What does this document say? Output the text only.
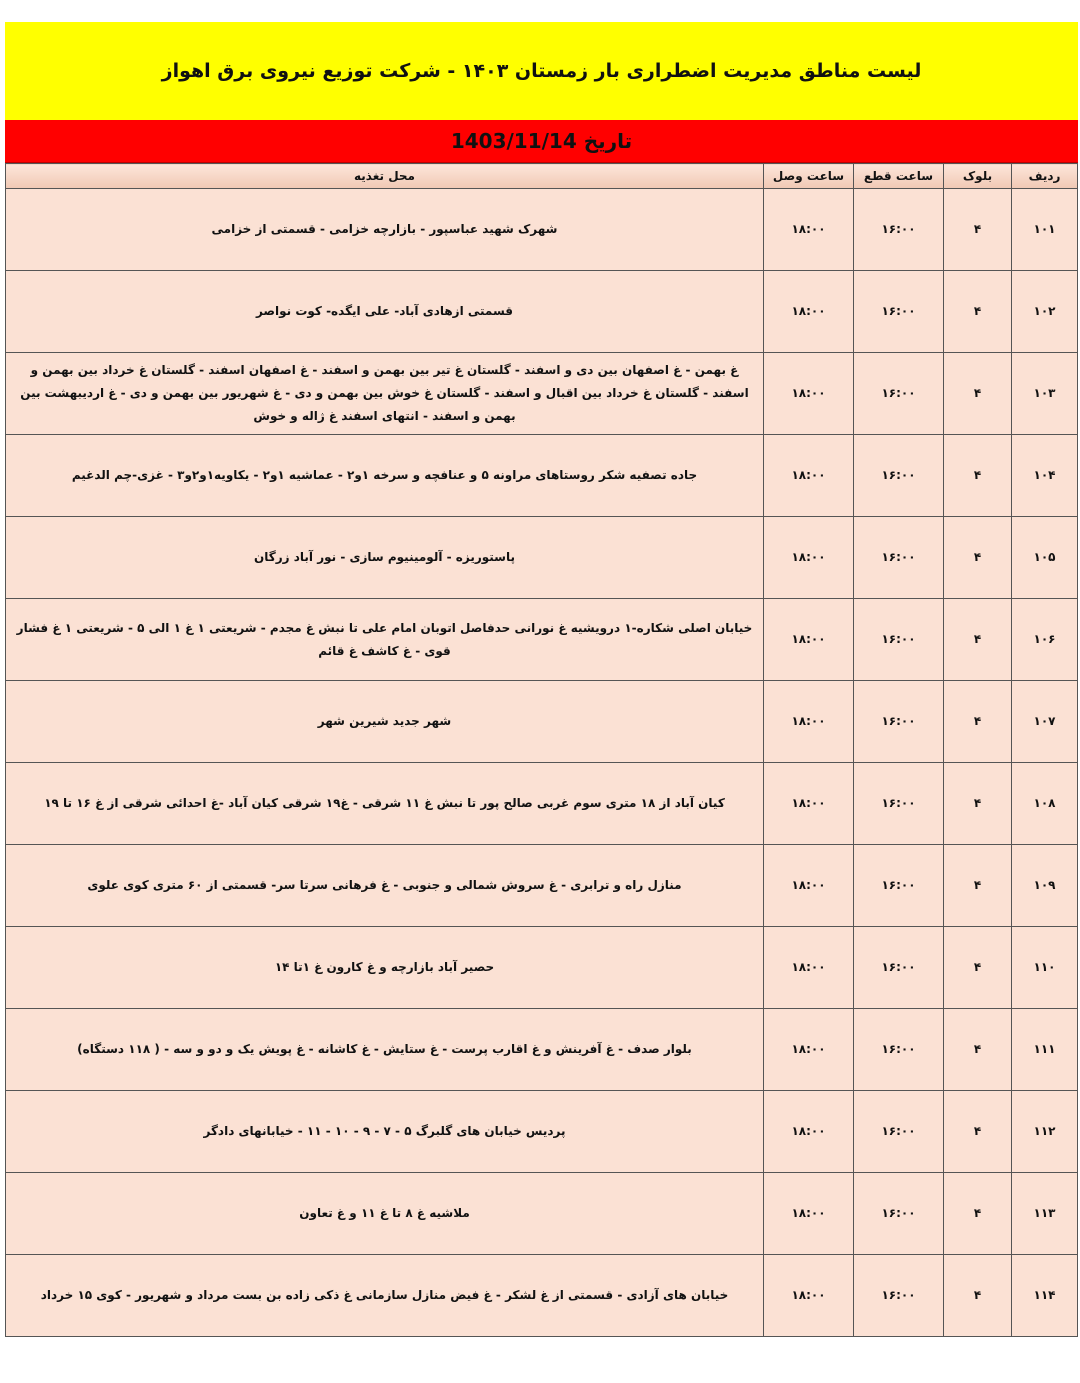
لیست مناطق مدیریت اضطراری بار زمستان ۱۴۰۳ - شرکت توزیع نیروی برق اهواز
تاریخ 1403/11/14
ردیف	بلوک	ساعت قطع	ساعت وصل	محل تغذیه
۱۰۱	۴	۱۶:۰۰	۱۸:۰۰	شهرک شهید عباسپور - بازارچه خزامی - قسمتی از خزامی
۱۰۲	۴	۱۶:۰۰	۱۸:۰۰	قسمتی ازهادی آباد- علی ایگده- کوت نواصر
۱۰۳	۴	۱۶:۰۰	۱۸:۰۰	غ بهمن - غ اصفهان بین دی و اسفند - گلستان غ تیر بین بهمن و اسفند - غ اصفهان اسفند - گلستان غ خرداد بین بهمن و اسفند - گلستان غ خرداد بین اقبال و اسفند - گلستان غ خوش بین بهمن و دی - غ شهریور بین بهمن و دی - غ اردیبهشت بین بهمن و اسفند - انتهای اسفند غ ژاله و خوش
۱۰۴	۴	۱۶:۰۰	۱۸:۰۰	جاده تصفیه شکر روستاهای مراونه ۵ و عنافچه و سرخه ۱و۲ - عماشیه ۱و۲ - یکاویه۱و۲و۳ - غزی-چم الدغیم
۱۰۵	۴	۱۶:۰۰	۱۸:۰۰	پاستوریزه - آلومینیوم سازی - نور آباد زرگان
۱۰۶	۴	۱۶:۰۰	۱۸:۰۰	خیابان اصلی شکاره-۱ درویشیه غ نورانی حدفاصل اتوبان امام علی تا نبش غ مجدم - شریعتی ۱ غ ۱ الی ۵ - شریعتی ۱ غ فشار قوی - غ کاشف غ قائم
۱۰۷	۴	۱۶:۰۰	۱۸:۰۰	شهر جدید شیرین شهر
۱۰۸	۴	۱۶:۰۰	۱۸:۰۰	کیان آباد از ۱۸ متری سوم غربی صالح پور تا نبش غ ۱۱ شرقی - غ۱۹ شرقی کیان آباد -غ احدائی شرقی از غ ۱۶ تا ۱۹
۱۰۹	۴	۱۶:۰۰	۱۸:۰۰	منازل راه و ترابری - غ سروش شمالی و جنوبی - غ فرهانی سرتا سر- قسمتی از ۶۰ متری کوی علوی
۱۱۰	۴	۱۶:۰۰	۱۸:۰۰	حصیر آباد بازارچه و غ کارون غ ۱تا ۱۴
۱۱۱	۴	۱۶:۰۰	۱۸:۰۰	بلوار صدف - غ آفرینش و غ اقارب پرست - غ ستایش - غ کاشانه - غ پویش یک و دو و سه - ( ۱۱۸ دستگاه)
۱۱۲	۴	۱۶:۰۰	۱۸:۰۰	پردیس خیابان های گلبرگ ۵ - ۷ - ۹ - ۱۰ - ۱۱ - خیابانهای دادگر
۱۱۳	۴	۱۶:۰۰	۱۸:۰۰	ملاشیه غ ۸ تا غ ۱۱ و غ تعاون
۱۱۴	۴	۱۶:۰۰	۱۸:۰۰	خیابان های آزادی - قسمتی از غ لشکر - غ فیض منازل سازمانی غ ذکی زاده بن بست مرداد و شهریور - کوی ۱۵ خرداد
